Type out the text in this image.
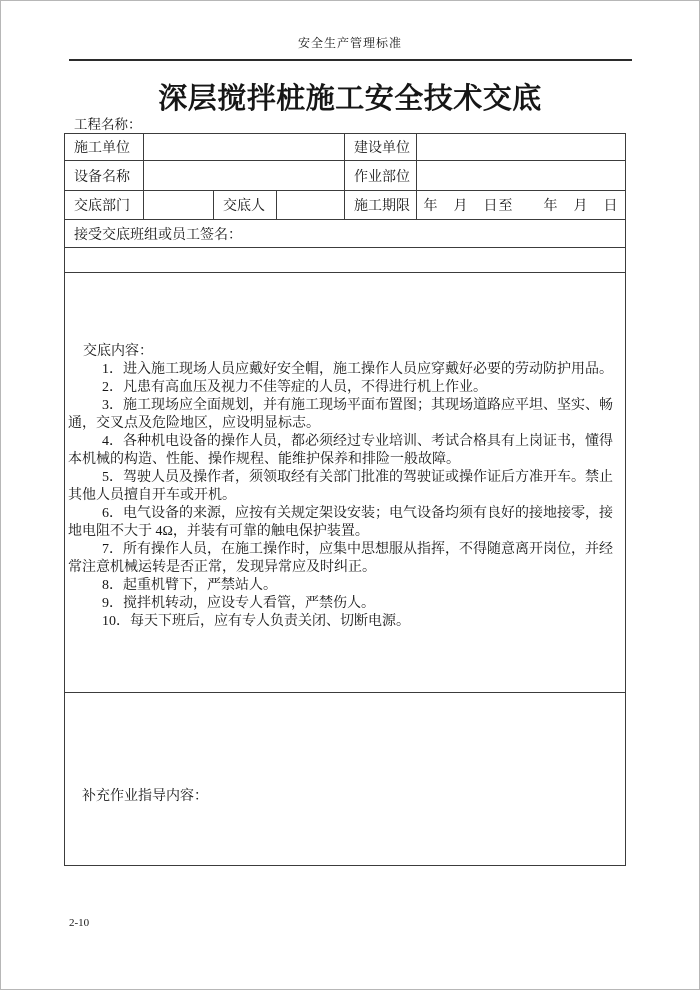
安全生产管理标准
深层搅拌桩施工安全技术交底
工程名称：
施工单位				建设单位	
设备名称				作业部位	
交底部门		交底人		施工期限	年　月　日至　　年　月　日
接受交底班组或员工签名：					

交底内容：

1．进入施工现场人员应戴好安全帽，施工操作人员应穿戴好必要的劳动防护用品。

2．凡患有高血压及视力不佳等症的人员，不得进行机上作业。

3．施工现场应全面规划，并有施工现场平面布置图；其现场道路应平坦、坚实、畅通，交叉点及危险地区，应设明显标志。

4．各种机电设备的操作人员，都必须经过专业培训、考试合格具有上岗证书，懂得本机械的构造、性能、操作规程、能维护保养和排险一般故障。

5．驾驶人员及操作者，须领取经有关部门批准的驾驶证或操作证后方准开车。禁止其他人员擅自开车或开机。

6．电气设备的来源，应按有关规定架设安装；电气设备均须有良好的接地接零，接地电阻不大于 4Ω，并装有可靠的触电保护装置。

7．所有操作人员，在施工操作时，应集中思想服从指挥，不得随意离开岗位，并经常注意机械运转是否正常，发现异常应及时纠正。

8．起重机臂下，严禁站人。

9．搅拌机转动，应设专人看管，严禁伤人。

10．每天下班后，应有专人负责关闭、切断电源。

补充作业指导内容：					

2-10
